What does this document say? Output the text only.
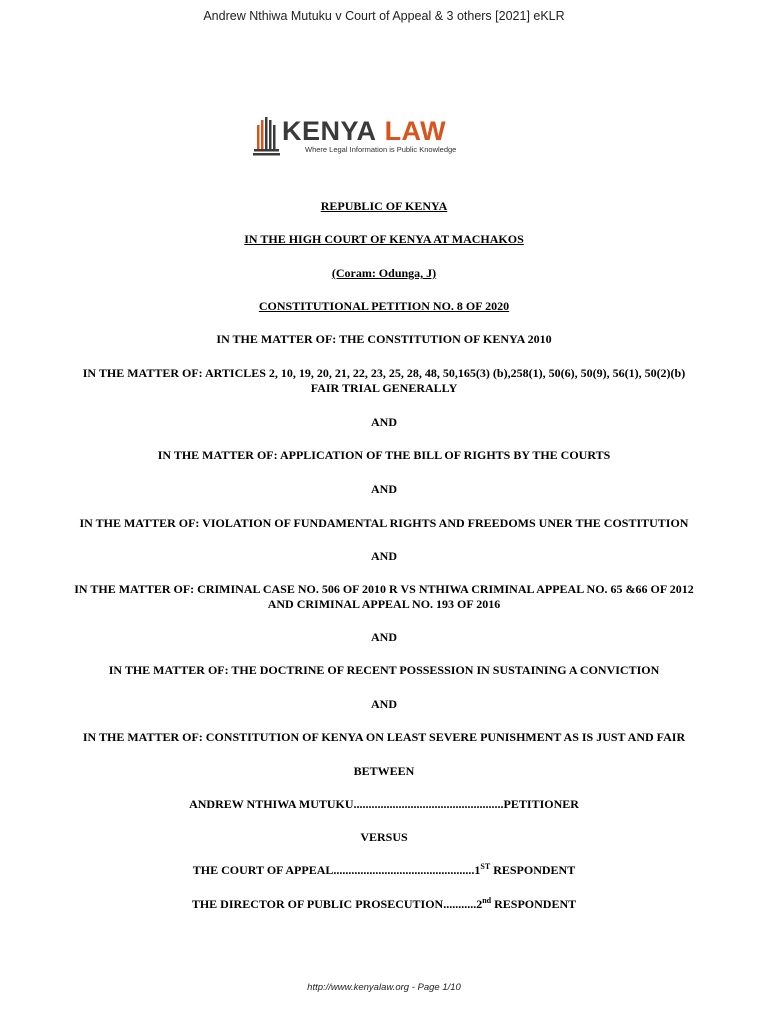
Andrew Nthiwa Mutuku v Court of Appeal & 3 others [2021] eKLR
KENYA LAW
Where Legal Information is Public Knowledge
REPUBLIC OF KENYA
IN THE HIGH COURT OF KENYA AT MACHAKOS
(Coram: Odunga, J)
CONSTITUTIONAL PETITION NO. 8 OF 2020
IN THE MATTER OF: THE CONSTITUTION OF KENYA 2010
IN THE MATTER OF: ARTICLES 2, 10, 19, 20, 21, 22, 23, 25, 28, 48, 50,165(3) (b),258(1), 50(6), 50(9), 56(1), 50(2)(b)
FAIR TRIAL GENERALLY
AND
IN THE MATTER OF: APPLICATION OF THE BILL OF RIGHTS BY THE COURTS
AND
IN THE MATTER OF: VIOLATION OF FUNDAMENTAL RIGHTS AND FREEDOMS UNER THE COSTITUTION
AND
IN THE MATTER OF: CRIMINAL CASE NO. 506 OF 2010 R VS NTHIWA CRIMINAL APPEAL NO. 65 &66 OF 2012
AND CRIMINAL APPEAL NO. 193 OF 2016
AND
IN THE MATTER OF: THE DOCTRINE OF RECENT POSSESSION IN SUSTAINING A CONVICTION
AND
IN THE MATTER OF: CONSTITUTION OF KENYA ON LEAST SEVERE PUNISHMENT AS IS JUST AND FAIR
BETWEEN
ANDREW NTHIWA MUTUKU..................................................PETITIONER
VERSUS
THE COURT OF APPEAL...............................................1ST RESPONDENT
THE DIRECTOR OF PUBLIC PROSECUTION...........2nd RESPONDENT
http://www.kenyalaw.org - Page 1/10
